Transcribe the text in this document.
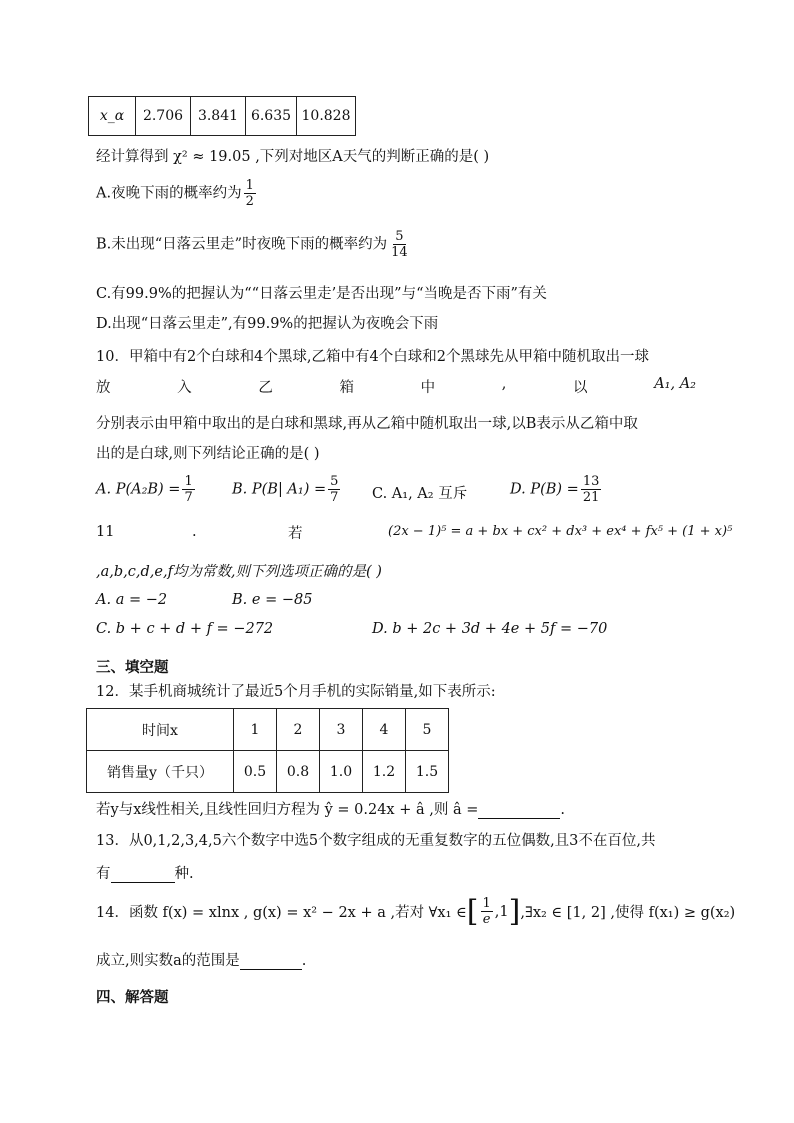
x_α	2.706	3.841	6.635	10.828
经计算得到 χ² ≈ 19.05 ,下列对地区A天气的判断正确的是( )
A.夜晚下雨的概率约为 $\frac{1}{2}$
B.未出现“日落云里走”时夜晚下雨的概率约为 $\frac{5}{14}$
C.有99.9%的把握认为““日落云里走’是否出现”与“当晚是否下雨”有关
D.出现“日落云里走”,有99.9%的把握认为夜晚会下雨
10．甲箱中有2个白球和4个黑球,乙箱中有4个白球和2个黑球先从甲箱中随机取出一球
放	入	乙	箱	中	,	以	A₁, A₂
分别表示由甲箱中取出的是白球和黑球,再从乙箱中随机取出一球,以B表示从乙箱中取
出的是白球,则下列结论正确的是( )
A. $P(A_2B) = \frac{1}{7}$	B. P(B| $A_1) = \frac{5}{7} C$. A₁, A₂ 互斥	D. $P(B) = \frac{13}{21}$
11	.	若	(2x − 1)⁵ = a + bx + cx² + dx³ + ex⁴ + fx⁵ + (1 + x)⁵
,a,b,c,d,e,f均为常数,则下列选项正确的是( )
A. a = −2	B. e = −85
C. b + c + d + f = −272	D. b + 2c + 3d + 4e + 5f = −70
三、填空题
12．某手机商城统计了最近5个月手机的实际销量,如下表所示:
时间x	1	2	3	4	5
销售量y（千只）	0.5	0.8	1.0	1.2	1.5
若y与x线性相关,且线性回归方程为 ŷ = 0.24x + â ,则 â =	.
13．从0,1,2,3,4,5六个数字中选5个数字组成的无重复数字的五位偶数,且3不在百位,共
有	种.
14．函数 f(x) = xlnx , g(x) = x² − 2x + a ,若对 ∀x₁ ∈ [ $\frac{1}{e} ,1$ ] ,∃x₂ ∈ [1, 2] ,使得 f(x₁) ≥ g(x₂)
成立,则实数a的范围是	.
四、解答题
